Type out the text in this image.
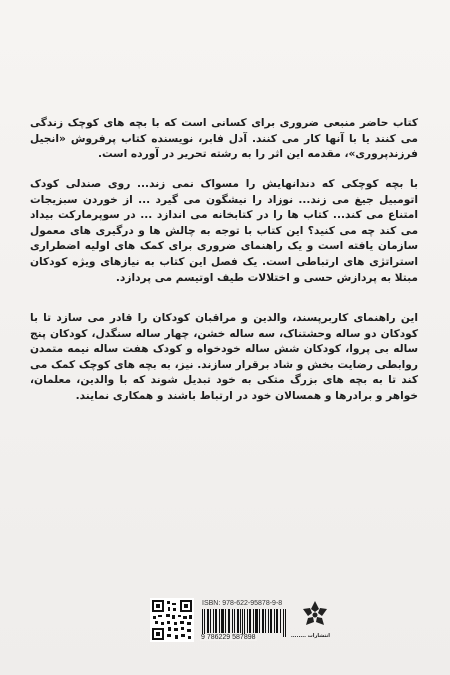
کتاب حاضر منبعی ضروری برای کسانی است که با بچه های کوچک زندگی می کنند یا با آنها کار می کنند. آدل فابر، نویسنده کتاب پرفروش «انجیل فرزندپروری»، مقدمه این اثر را به رشته تحریر در آورده است.
با بچه کوچکی که دندانهایش را مسواک نمی زند... روی صندلی کودک اتومبیل جیغ می زند... نوزاد را نیشگون می گیرد ... از خوردن سبزیجات امتناع می کند... کتاب ها را در کتابخانه می اندازد ... در سوپرمارکت بیداد می کند چه می کنید؟ این کتاب با توجه به چالش ها و درگیری های معمول سازمان یافته است و یک راهنمای ضروری برای کمک های اولیه اضطراری استراتژی های ارتباطی است. یک فصل این کتاب به نیازهای ویژه کودکان مبتلا به پردازش حسی و اختلالات طیف اوتیسم می پردازد.
این راهنمای کاربرپسند، والدین و مراقبان کودکان را قادر می سازد تا با کودکان دو ساله وحشتناک، سه ساله خشن، چهار ساله سنگدل، کودکان پنج ساله بی پروا، کودکان شش ساله خودخواه و کودک هفت ساله نیمه متمدن روابطی رضایت بخش و شاد برقرار سازند. نیز، به بچه های کوچک کمک می کند تا به بچه های بزرگ متکی به خود تبدیل شوند که با والدین، معلمان، خواهر و برادرها و همسالان خود در ارتباط باشند و همکاری نمایند.
ISBN: 978-622-95878-9-8
9 786229 587898	انتشارات ........
